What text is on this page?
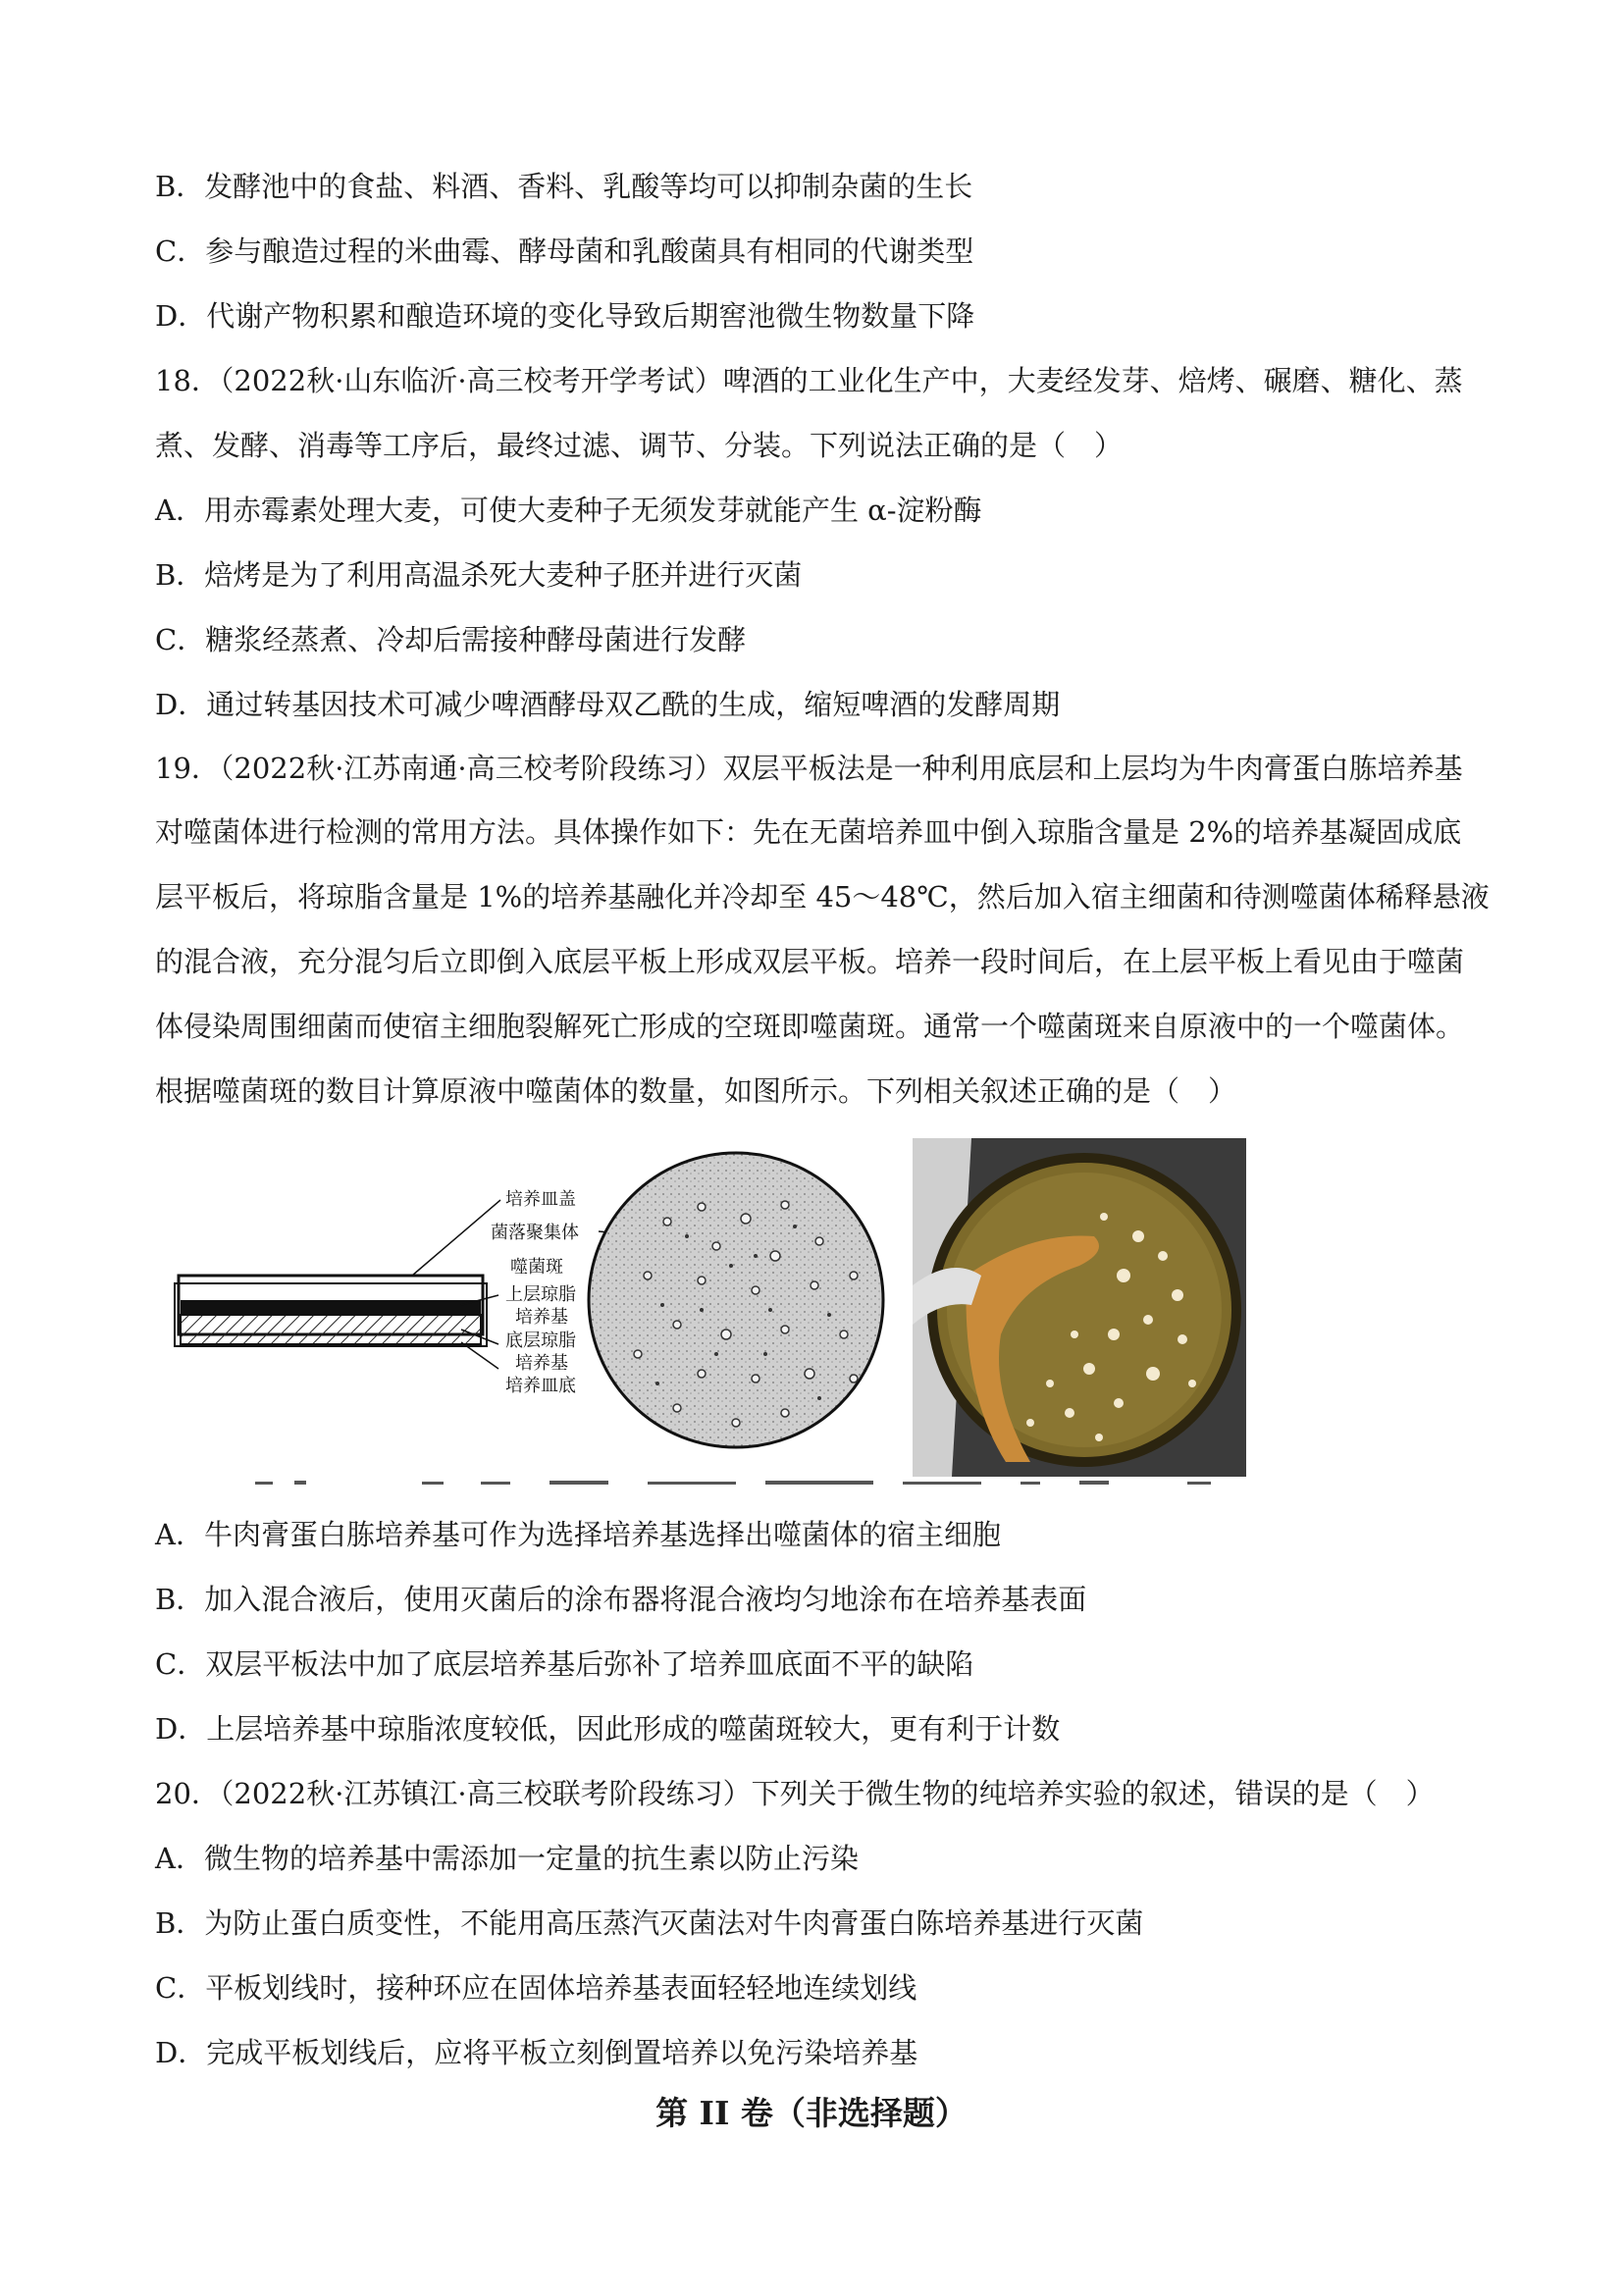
B．发酵池中的食盐、料酒、香料、乳酸等均可以抑制杂菌的生长
C．参与酿造过程的米曲霉、酵母菌和乳酸菌具有相同的代谢类型
D．代谢产物积累和酿造环境的变化导致后期窖池微生物数量下降
18．（2022秋·山东临沂·高三校考开学考试）啤酒的工业化生产中，大麦经发芽、焙烤、碾磨、糖化、蒸
煮、发酵、消毒等工序后，最终过滤、调节、分装。下列说法正确的是（　）
A．用赤霉素处理大麦，可使大麦种子无须发芽就能产生 α-淀粉酶
B．焙烤是为了利用高温杀死大麦种子胚并进行灭菌
C．糖浆经蒸煮、冷却后需接种酵母菌进行发酵
D．通过转基因技术可减少啤酒酵母双乙酰的生成，缩短啤酒的发酵周期
19．（2022秋·江苏南通·高三校考阶段练习）双层平板法是一种利用底层和上层均为牛肉膏蛋白胨培养基
对噬菌体进行检测的常用方法。具体操作如下：先在无菌培养皿中倒入琼脂含量是 2%的培养基凝固成底
层平板后，将琼脂含量是 1%的培养基融化并冷却至 45～48℃，然后加入宿主细菌和待测噬菌体稀释悬液
的混合液，充分混匀后立即倒入底层平板上形成双层平板。培养一段时间后，在上层平板上看见由于噬菌
体侵染周围细菌而使宿主细胞裂解死亡形成的空斑即噬菌斑。通常一个噬菌斑来自原液中的一个噬菌体。
根据噬菌斑的数目计算原液中噬菌体的数量，如图所示。下列相关叙述正确的是（　）
培养皿盖
菌落聚集体
噬菌斑
上层琼脂
培养基
底层琼脂
培养基
培养皿底
A．牛肉膏蛋白胨培养基可作为选择培养基选择出噬菌体的宿主细胞
B．加入混合液后，使用灭菌后的涂布器将混合液均匀地涂布在培养基表面
C．双层平板法中加了底层培养基后弥补了培养皿底面不平的缺陷
D．上层培养基中琼脂浓度较低，因此形成的噬菌斑较大，更有利于计数
20．（2022秋·江苏镇江·高三校联考阶段练习）下列关于微生物的纯培养实验的叙述，错误的是（　）
A．微生物的培养基中需添加一定量的抗生素以防止污染
B．为防止蛋白质变性，不能用高压蒸汽灭菌法对牛肉膏蛋白陈培养基进行灭菌
C．平板划线时，接种环应在固体培养基表面轻轻地连续划线
D．完成平板划线后，应将平板立刻倒置培养以免污染培养基
第 II 卷（非选择题）
